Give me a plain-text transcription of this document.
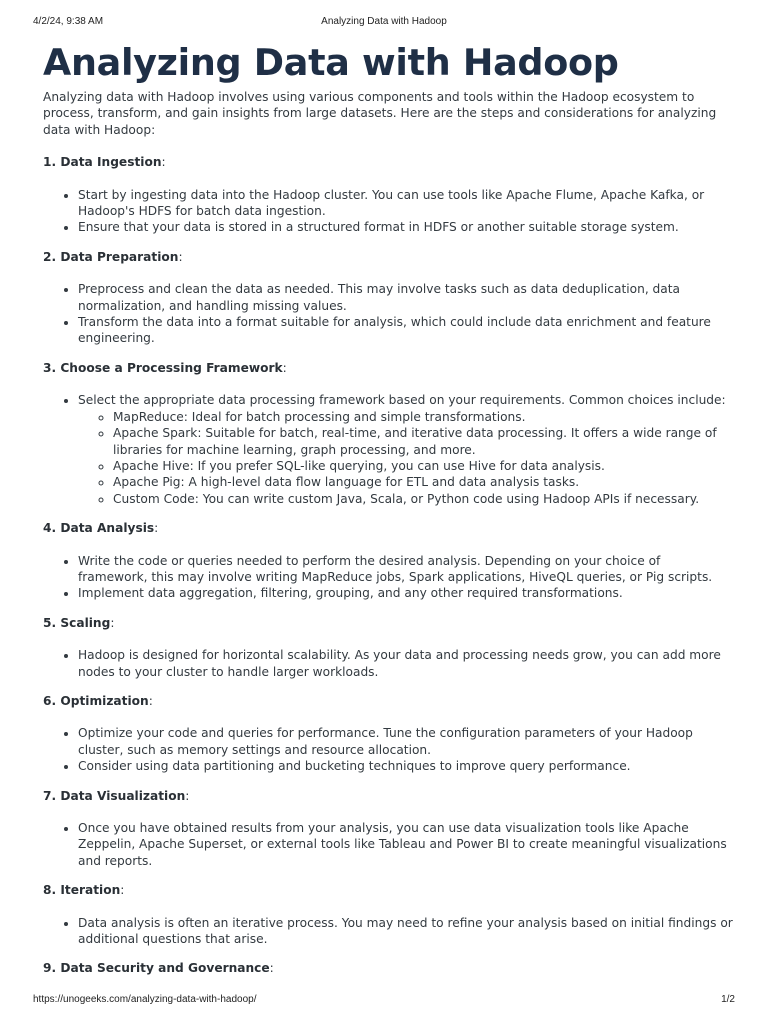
4/2/24, 9:38 AM	Analyzing Data with Hadoop
Analyzing Data with Hadoop

Analyzing data with Hadoop involves using various components and tools within the Hadoop ecosystem to process, transform, and gain insights from large datasets. Here are the steps and considerations for analyzing data with Hadoop:

1. Data Ingestion:

• Start by ingesting data into the Hadoop cluster. You can use tools like Apache Flume, Apache Kafka, or Hadoop's HDFS for batch data ingestion.
• Ensure that your data is stored in a structured format in HDFS or another suitable storage system.

2. Data Preparation:

• Preprocess and clean the data as needed. This may involve tasks such as data deduplication, data normalization, and handling missing values.
• Transform the data into a format suitable for analysis, which could include data enrichment and feature engineering.

3. Choose a Processing Framework:

• Select the appropriate data processing framework based on your requirements. Common choices include:
◦ MapReduce: Ideal for batch processing and simple transformations.
◦ Apache Spark: Suitable for batch, real-time, and iterative data processing. It offers a wide range of libraries for machine learning, graph processing, and more.
◦ Apache Hive: If you prefer SQL-like querying, you can use Hive for data analysis.
◦ Apache Pig: A high-level data flow language for ETL and data analysis tasks.
◦ Custom Code: You can write custom Java, Scala, or Python code using Hadoop APIs if necessary.

4. Data Analysis:

• Write the code or queries needed to perform the desired analysis. Depending on your choice of framework, this may involve writing MapReduce jobs, Spark applications, HiveQL queries, or Pig scripts.
• Implement data aggregation, filtering, grouping, and any other required transformations.

5. Scaling:

• Hadoop is designed for horizontal scalability. As your data and processing needs grow, you can add more nodes to your cluster to handle larger workloads.

6. Optimization:

• Optimize your code and queries for performance. Tune the configuration parameters of your Hadoop cluster, such as memory settings and resource allocation.
• Consider using data partitioning and bucketing techniques to improve query performance.

7. Data Visualization:

• Once you have obtained results from your analysis, you can use data visualization tools like Apache Zeppelin, Apache Superset, or external tools like Tableau and Power BI to create meaningful visualizations and reports.

8. Iteration:

• Data analysis is often an iterative process. You may need to refine your analysis based on initial findings or additional questions that arise.

9. Data Security and Governance:

https://unogeeks.com/analyzing-data-with-hadoop/	1/2
